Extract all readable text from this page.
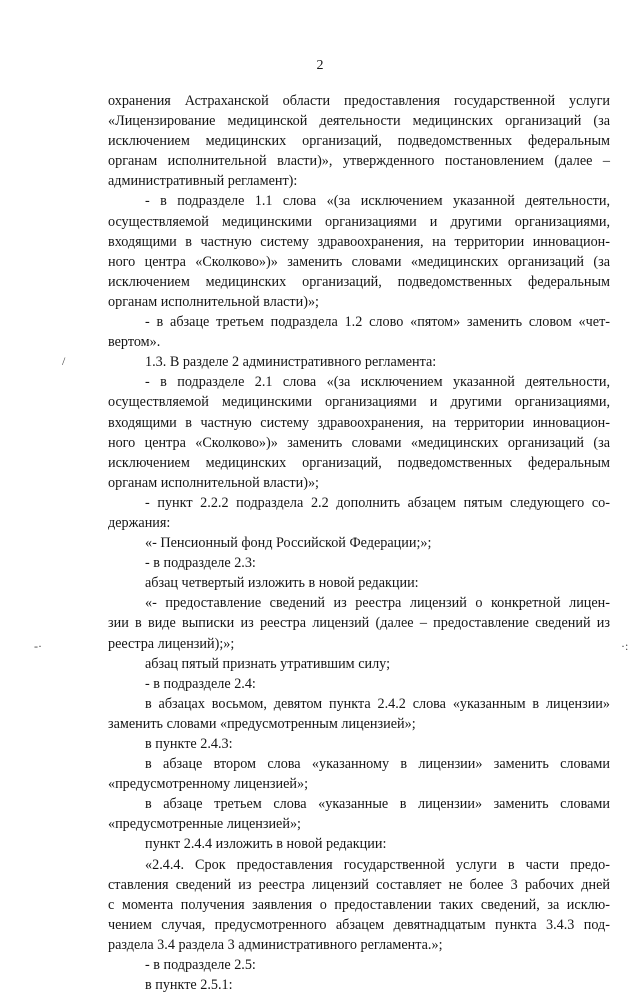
2
охранения Астраханской области предоставления государственной услуги
«Лицензирование медицинской деятельности медицинских организаций (за
исключением медицинских организаций, подведомственных федеральным
органам исполнительной власти)», утвержденного постановлением (далее –
административный регламент):
- в подразделе 1.1 слова «(за исключением указанной деятельности,
осуществляемой медицинскими организациями и другими организациями,
входящими в частную систему здравоохранения, на территории инновацион-
ного центра «Сколково»)» заменить словами «медицинских организаций (за
исключением медицинских организаций, подведомственных федеральным
органам исполнительной власти)»;
- в абзаце третьем подраздела 1.2 слово «пятом» заменить словом «чет-
вертом».
1.3. В разделе 2 административного регламента:
- в подразделе 2.1 слова «(за исключением указанной деятельности,
осуществляемой медицинскими организациями и другими организациями,
входящими в частную систему здравоохранения, на территории инновацион-
ного центра «Сколково»)» заменить словами «медицинских организаций (за
исключением медицинских организаций, подведомственных федеральным
органам исполнительной власти)»;
- пункт 2.2.2 подраздела 2.2 дополнить абзацем пятым следующего со-
держания:
«- Пенсионный фонд Российской Федерации;»;
- в подразделе 2.3:
абзац четвертый изложить в новой редакции:
«- предоставление сведений из реестра лицензий о конкретной лицен-
зии в виде выписки из реестра лицензий (далее – предоставление сведений из
реестра лицензий);»;
абзац пятый признать утратившим силу;
- в подразделе 2.4:
в абзацах восьмом, девятом пункта 2.4.2 слова «указанным в лицензии»
заменить словами «предусмотренным лицензией»;
в пункте 2.4.3:
в абзаце втором слова «указанному в лицензии» заменить словами
«предусмотренному лицензией»;
в абзаце третьем слова «указанные в лицензии» заменить словами
«предусмотренные лицензией»;
пункт 2.4.4 изложить в новой редакции:
«2.4.4. Срок предоставления государственной услуги в части предо-
ставления сведений из реестра лицензий составляет не более 3 рабочих дней
с момента получения заявления о предоставлении таких сведений, за исклю-
чением случая, предусмотренного абзацем девятнадцатым пункта 3.4.3 под-
раздела 3.4 раздела 3 административного регламента.»;
- в подразделе 2.5:
в пункте 2.5.1:
/
-·	·:
